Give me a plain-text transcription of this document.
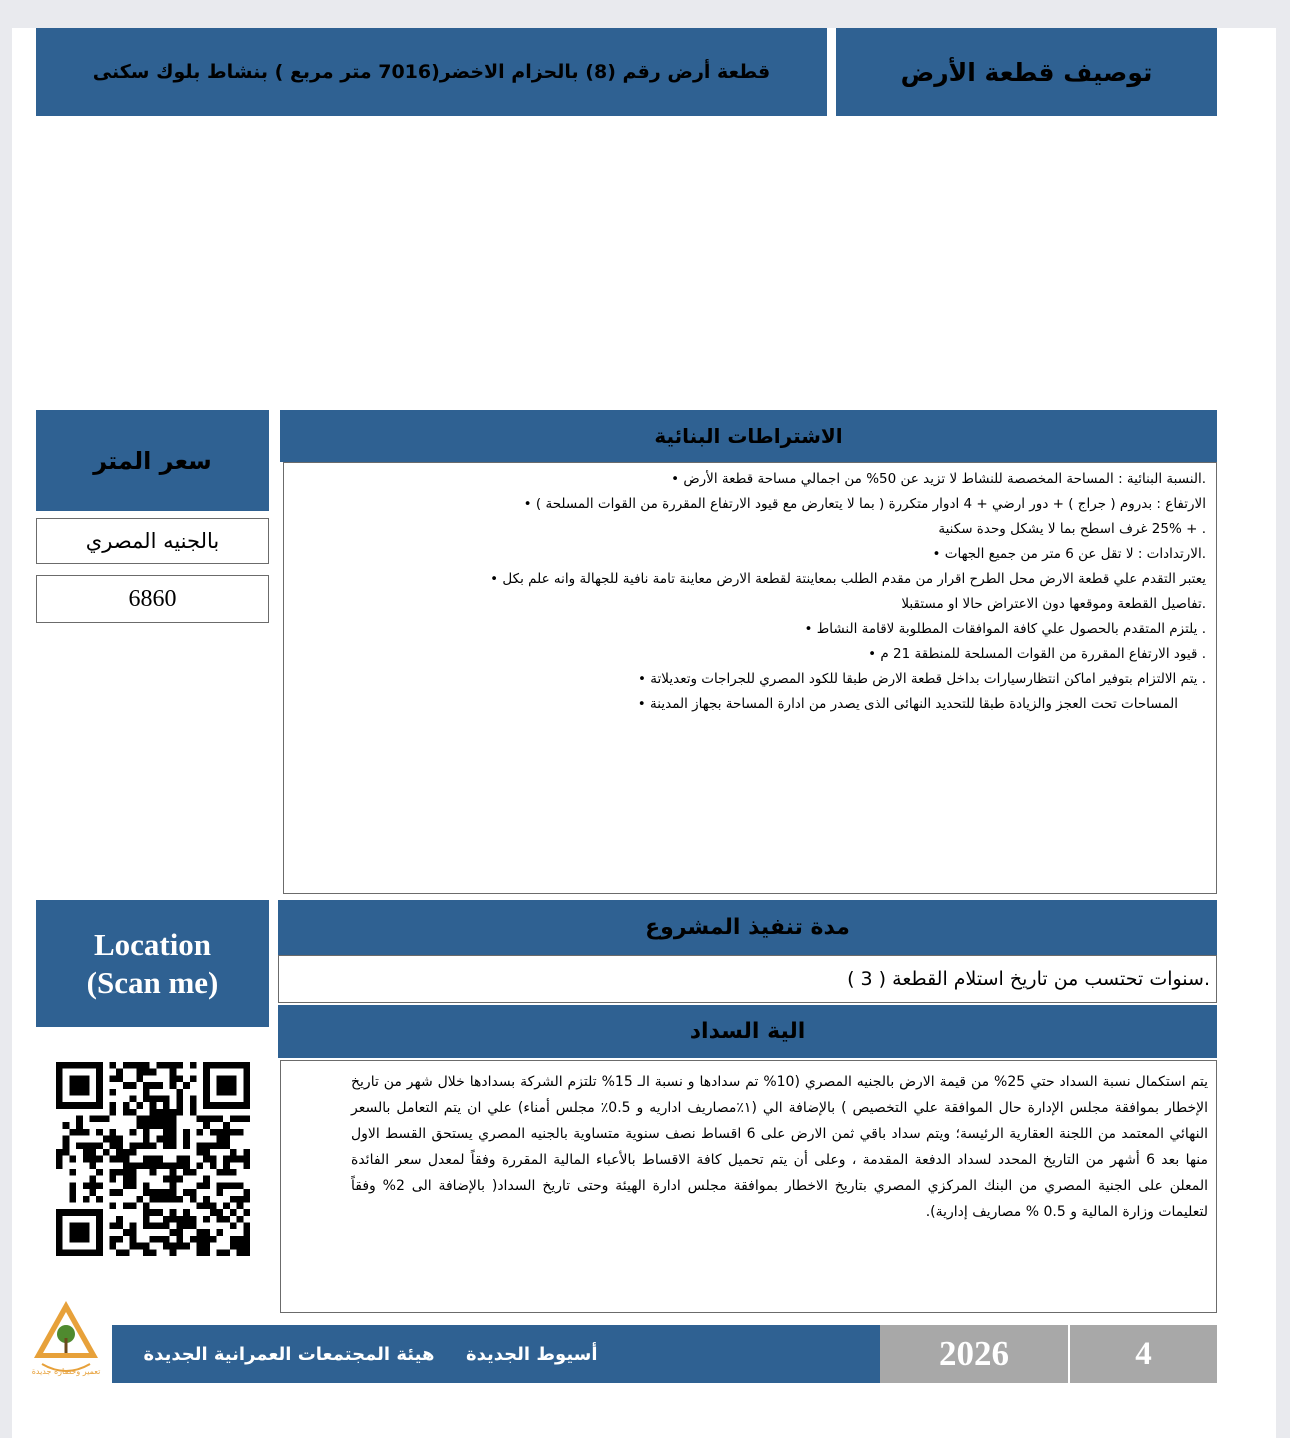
قطعة أرض رقم (8) بالحزام الاخضر(7016 متر مربع ) بنشاط بلوك سكنى	توصيف قطعة الأرض
سعر المتر
بالجنيه المصري
6860
الاشتراطات البنائية
.النسبة البنائية : المساحة المخصصة للنشاط لا تزيد عن 50% من اجمالي مساحة قطعة الأرض •
الارتفاع : بدروم ( جراج ) + دور ارضي + 4 ادوار متكررة ( بما لا يتعارض مع قيود الارتفاع المقررة من القوات المسلحة ) •
. + 25% غرف اسطح بما لا يشكل وحدة سكنية
.الارتدادات : لا تقل عن 6 متر من جميع الجهات •
يعتبر التقدم علي قطعة الارض محل الطرح اقرار من مقدم الطلب بمعاينتة لقطعة الارض معاينة تامة نافية للجهالة وانه علم بكل •
.تفاصيل القطعة وموقعها دون الاعتراض حالا او مستقبلا
. يلتزم المتقدم بالحصول علي كافة الموافقات المطلوبة لاقامة النشاط •
. قيود الارتفاع المقررة من القوات المسلحة للمنطقة 21 م •
. يتم الالتزام بتوفير اماكن انتظارسيارات بداخل قطعة الارض طبقا للكود المصري للجراجات وتعديلاتة •
المساحات تحت العجز والزيادة طبقا للتحديد النهائى الذى يصدر من ادارة المساحة بجهاز المدينة •
Location
(Scan me)
مدة تنفيذ المشروع
.سنوات تحتسب من تاريخ استلام القطعة ( 3 )
الية السداد
يتم استكمال نسبة السداد حتي 25% من قيمة الارض بالجنيه المصري (10% تم سدادها و نسبة الـ 15% تلتزم الشركة بسدادها خلال شهر من تاريخ الإخطار بموافقة مجلس الإدارة حال الموافقة علي التخصيص ) بالإضافة الي (١٪مصاريف اداريه و 0.5٪ مجلس أمناء) علي ان يتم التعامل بالسعر النهائي المعتمد من اللجنة العقارية الرئيسة؛ ويتم سداد باقي ثمن الارض على 6 اقساط نصف سنوية متساوية بالجنيه المصري يستحق القسط الاول منها بعد 6 أشهر من التاريخ المحدد لسداد الدفعة المقدمة ، وعلى أن يتم تحميل كافة الاقساط بالأعباء المالية المقررة وفقاً لمعدل سعر الفائدة المعلن على الجنية المصري من البنك المركزي المصري بتاريخ الاخطار بموافقة مجلس ادارة الهيئة وحتى تاريخ السداد( بالإضافة الى 2% وفقاً لتعليمات وزارة المالية و 0.5 % مصاريف إدارية).
تعمير وحضارة جديدة
هيئة المجتمعات العمرانية الجديدة أسيوط الجديدة	2026	4
